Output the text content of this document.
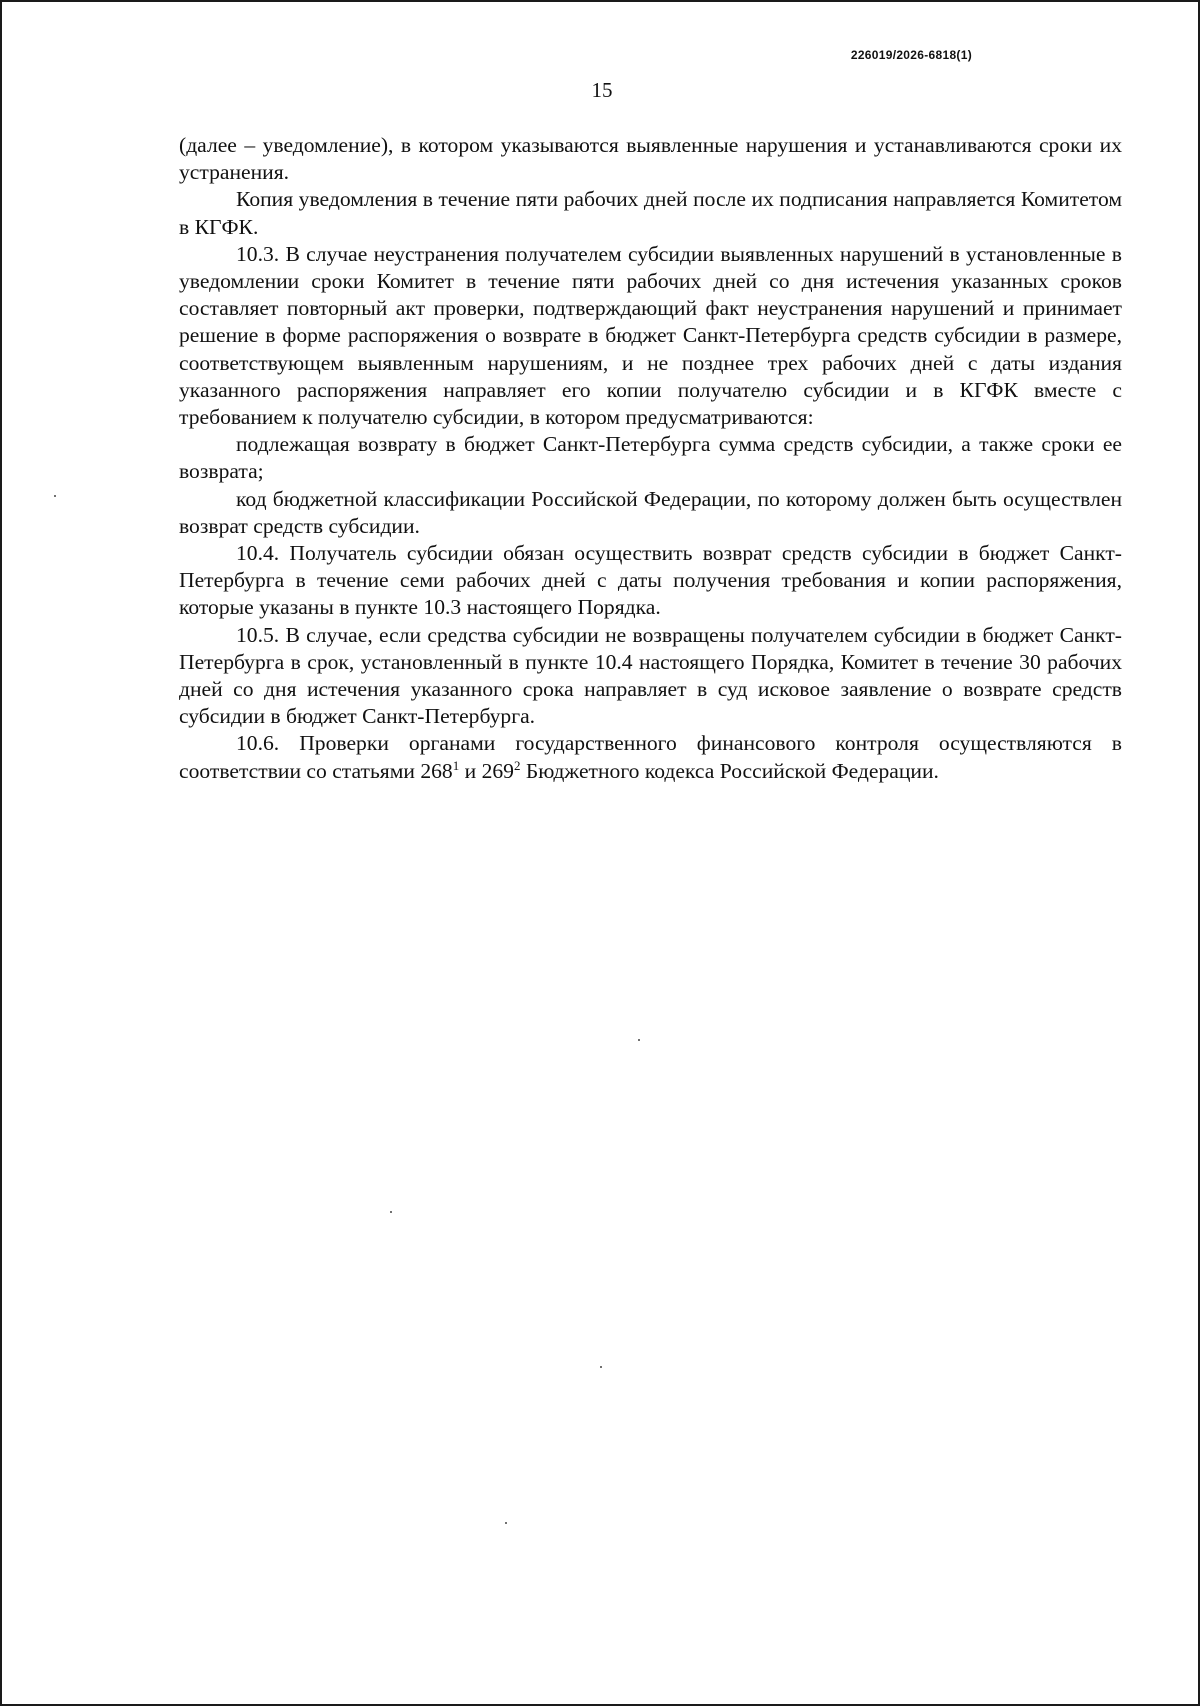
226019/2026-6818(1)
15

(далее – уведомление), в котором указываются выявленные нарушения и устанавливаются сроки их устранения.

Копия уведомления в течение пяти рабочих дней после их подписания направляется Комитетом в КГФК.

10.3. В случае неустранения получателем субсидии выявленных нарушений в установленные в уведомлении сроки Комитет в течение пяти рабочих дней со дня истечения указанных сроков составляет повторный акт проверки, подтверждающий факт неустранения нарушений и принимает решение в форме распоряжения о возврате в бюджет Санкт-Петербурга средств субсидии в размере, соответствующем выявленным нарушениям, и не позднее трех рабочих дней с даты издания указанного распоряжения направляет его копии получателю субсидии и в КГФК вместе с требованием к получателю субсидии, в котором предусматриваются:

подлежащая возврату в бюджет Санкт-Петербурга сумма средств субсидии, а также сроки ее возврата;

код бюджетной классификации Российской Федерации, по которому должен быть осуществлен возврат средств субсидии.

10.4. Получатель субсидии обязан осуществить возврат средств субсидии в бюджет Санкт-Петербурга в течение семи рабочих дней с даты получения требования и копии распоряжения, которые указаны в пункте 10.3 настоящего Порядка.

10.5. В случае, если средства субсидии не возвращены получателем субсидии в бюджет Санкт-Петербурга в срок, установленный в пункте 10.4 настоящего Порядка, Комитет в течение 30 рабочих дней со дня истечения указанного срока направляет в суд исковое заявление о возврате средств субсидии в бюджет Санкт-Петербурга.

10.6. Проверки органами государственного финансового контроля осуществляются в соответствии со статьями $268^1$ и $269^2$ Бюджетного кодекса Российской Федерации.
